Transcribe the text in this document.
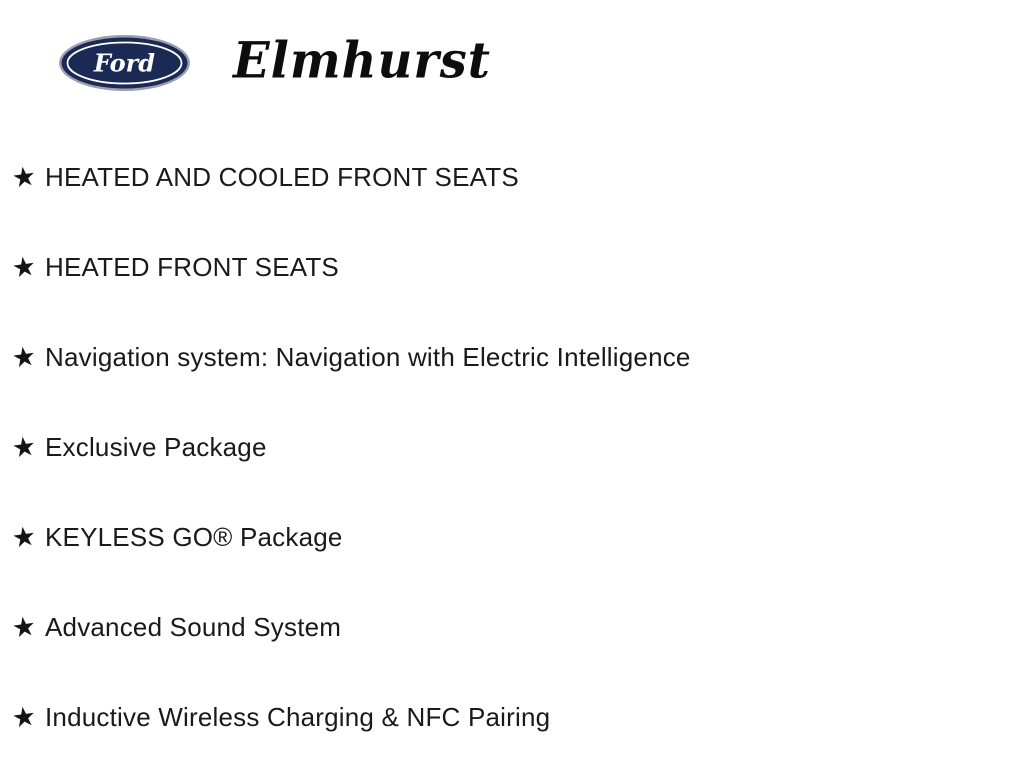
Ford Elmhurst
★ HEATED AND COOLED FRONT SEATS
★ HEATED FRONT SEATS
★ Navigation system: Navigation with Electric Intelligence
★ Exclusive Package
★ KEYLESS GO® Package
★ Advanced Sound System
★ Inductive Wireless Charging & NFC Pairing
